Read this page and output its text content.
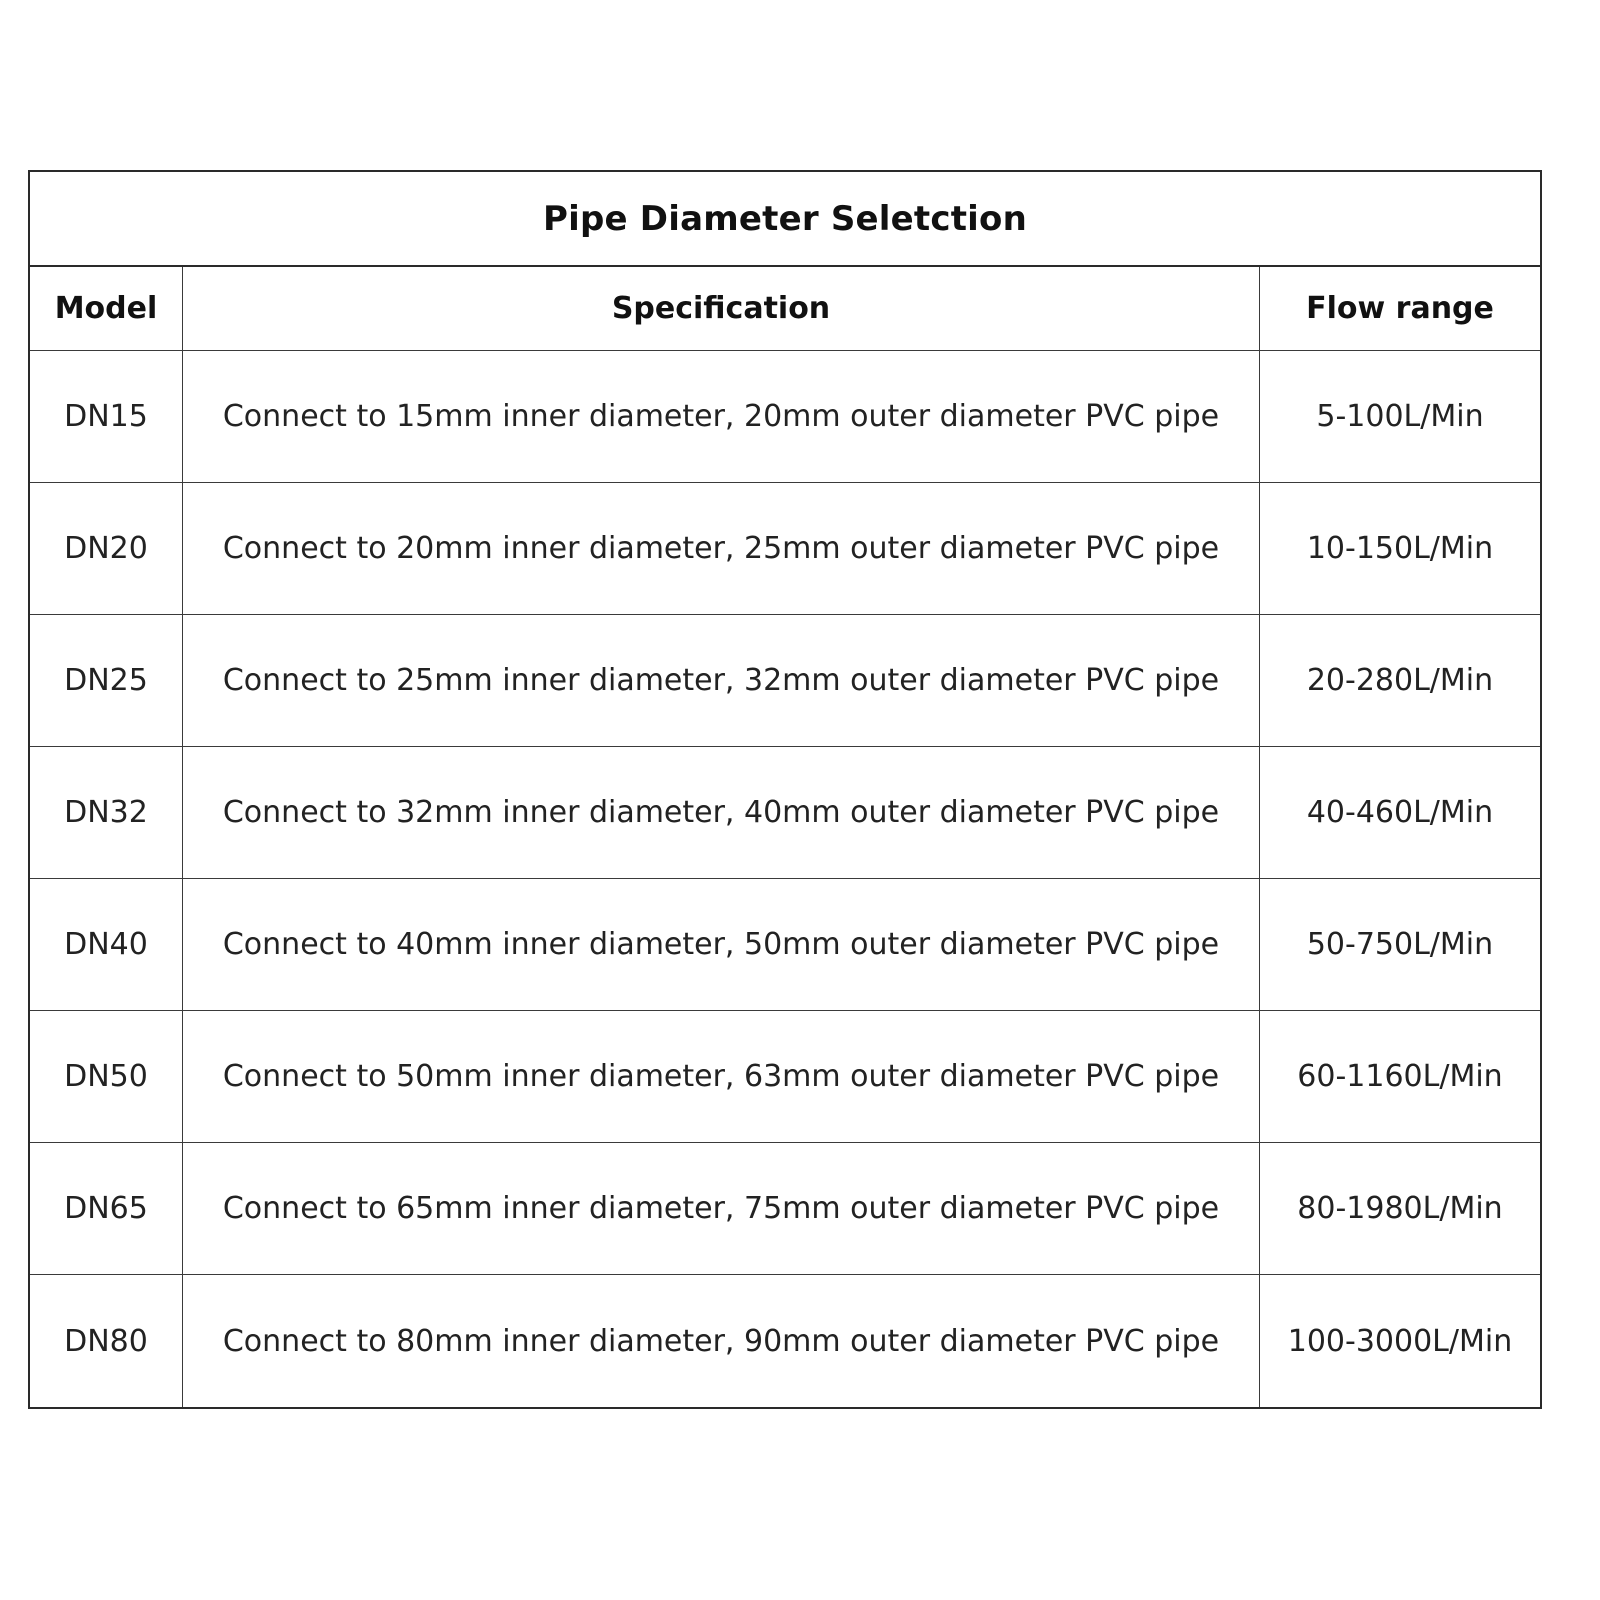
Pipe Diameter Seletction
Model	Specification	Flow range
DN15	Connect to 15mm inner diameter, 20mm outer diameter PVC pipe	5-100L/Min
DN20	Connect to 20mm inner diameter, 25mm outer diameter PVC pipe	10-150L/Min
DN25	Connect to 25mm inner diameter, 32mm outer diameter PVC pipe	20-280L/Min
DN32	Connect to 32mm inner diameter, 40mm outer diameter PVC pipe	40-460L/Min
DN40	Connect to 40mm inner diameter, 50mm outer diameter PVC pipe	50-750L/Min
DN50	Connect to 50mm inner diameter, 63mm outer diameter PVC pipe	60-1160L/Min
DN65	Connect to 65mm inner diameter, 75mm outer diameter PVC pipe	80-1980L/Min
DN80	Connect to 80mm inner diameter, 90mm outer diameter PVC pipe	100-3000L/Min
